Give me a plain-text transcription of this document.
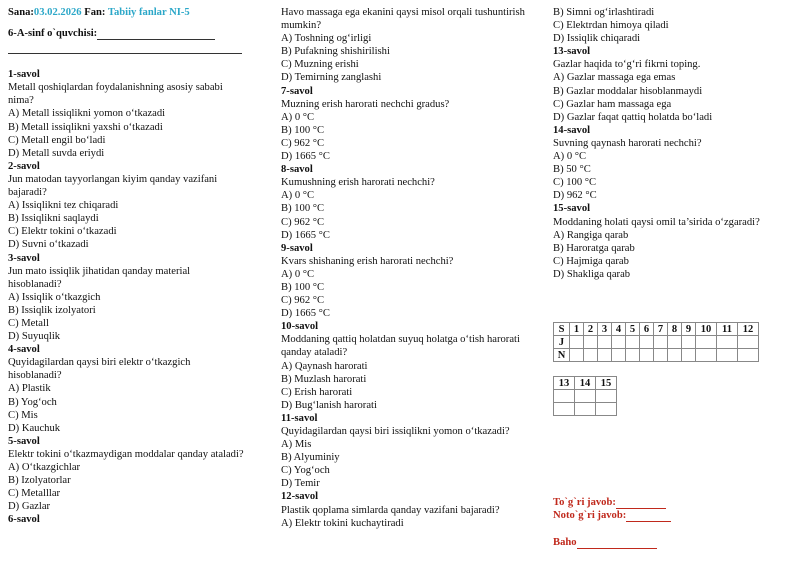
Sana:03.02.2026 Fan: Tabiiy fanlar NI-5
6-A-sinf o`quvchisi:
1-savol
Metall qoshiqlardan foydalanishning asosiy sababi nima?
A) Metall issiqlikni yomon o‘tkazadi
B) Metall issiqlikni yaxshi o‘tkazadi
C) Metall engil bo‘ladi
D) Metall suvda eriydi
2-savol
Jun matodan tayyorlangan kiyim qanday vazifani bajaradi?
A) Issiqlikni tez chiqaradi
B) Issiqlikni saqlaydi
C) Elektr tokini o‘tkazadi
D) Suvni o‘tkazadi
3-savol
Jun mato issiqlik jihatidan qanday material hisoblanadi?
A) Issiqlik o‘tkazgich
B) Issiqlik izolyatori
C) Metall
D) Suyuqlik
4-savol
Quyidagilardan qaysi biri elektr o‘tkazgich hisoblanadi?
A) Plastik
B) Yog‘och
C) Mis
D) Kauchuk
5-savol
Elektr tokini o‘tkazmaydigan moddalar qanday ataladi?
A) O‘tkazgichlar
B) Izolyatorlar
C) Metalllar
D) Gazlar
6-savol
Havo massaga ega ekanini qaysi misol orqali tushuntirish mumkin?
A) Toshning og‘irligi
B) Pufakning shishirilishi
C) Muzning erishi
D) Temirning zanglashi
7-savol
Muzning erish harorati nechchi gradus?
A) 0 °C
B) 100 °C
C) 962 °C
D) 1665 °C
8-savol
Kumushning erish harorati nechchi?
A) 0 °C
B) 100 °C
C) 962 °C
D) 1665 °C
9-savol
Kvars shishaning erish harorati nechchi?
A) 0 °C
B) 100 °C
C) 962 °C
D) 1665 °C
10-savol
Moddaning qattiq holatdan suyuq holatga o‘tish harorati qanday ataladi?
A) Qaynash harorati
B) Muzlash harorati
C) Erish harorati
D) Bug‘lanish harorati
11-savol
Quyidagilardan qaysi biri issiqlikni yomon o‘tkazadi?
A) Mis
B) Alyuminiy
C) Yog‘och
D) Temir
12-savol
Plastik qoplama simlarda qanday vazifani bajaradi?
A) Elektr tokini kuchaytiradi
B) Simni og‘irlashtiradi
C) Elektrdan himoya qiladi
D) Issiqlik chiqaradi
13-savol
Gazlar haqida to‘g‘ri fikrni toping.
A) Gazlar massaga ega emas
B) Gazlar moddalar hisoblanmaydi
C) Gazlar ham massaga ega
D) Gazlar faqat qattiq holatda bo‘ladi
14-savol
Suvning qaynash harorati nechchi?
A) 0 °C
B) 50 °C
C) 100 °C
D) 962 °C
15-savol
Moddaning holati qaysi omil ta’sirida o‘zgaradi?
A) Rangiga qarab
B) Haroratga qarab
C) Hajmiga qarab
D) Shakliga qarab
S	1	2	3	4	5	6	7	8	9	10	11	12
J												
N												
13	14	15

To`g`ri javob:
Noto`g`ri javob:
Baho
